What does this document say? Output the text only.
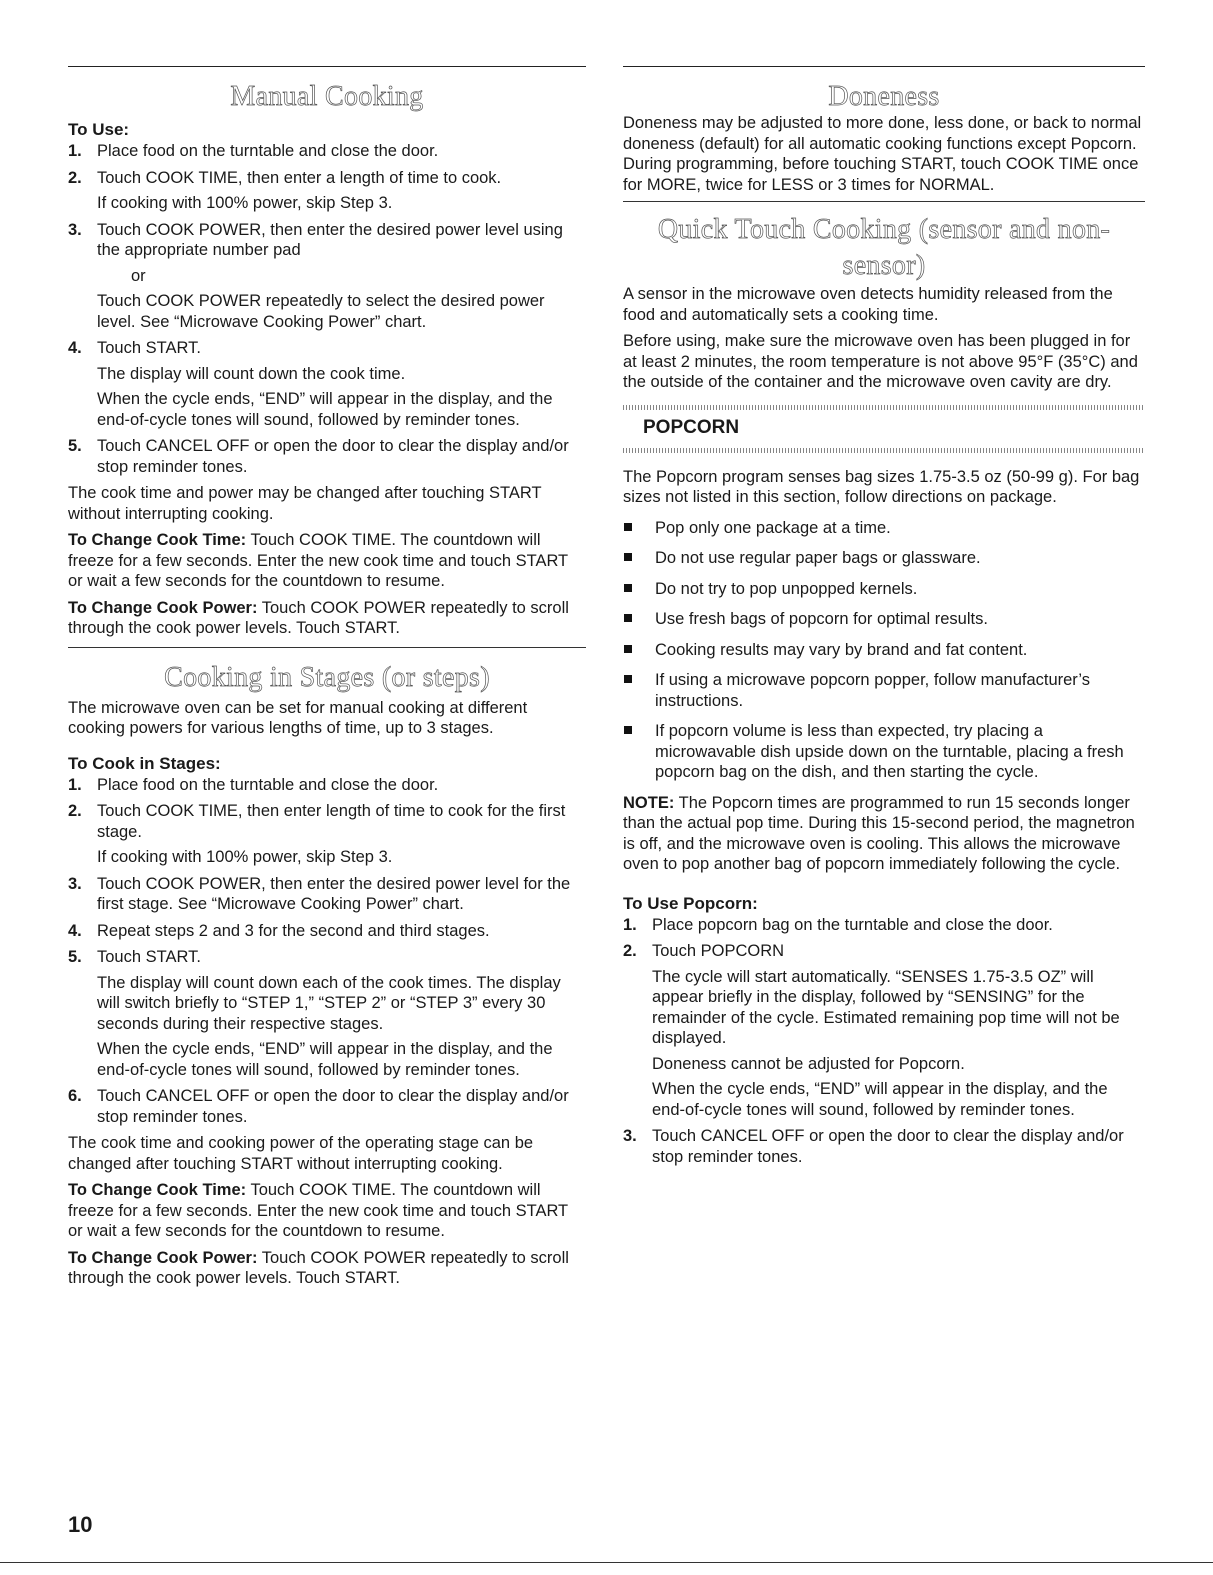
Manual Cooking
To Use:
1. Place food on the turntable and close the door.

2. Touch COOK TIME, then enter a length of time to cook.

If cooking with 100% power, skip Step 3.

3. Touch COOK POWER, then enter the desired power level using the appropriate number pad

or

Touch COOK POWER repeatedly to select the desired power level. See “Microwave Cooking Power” chart.

4. Touch START.

The display will count down the cook time.

When the cycle ends, “END” will appear in the display, and the end-of-cycle tones will sound, followed by reminder tones.

5. Touch CANCEL OFF or open the door to clear the display and/or stop reminder tones.

The cook time and power may be changed after touching START without interrupting cooking.

To Change Cook Time: Touch COOK TIME. The countdown will freeze for a few seconds. Enter the new cook time and touch START or wait a few seconds for the countdown to resume.

To Change Cook Power: Touch COOK POWER repeatedly to scroll through the cook power levels. Touch START.

Cooking in Stages (or steps)

The microwave oven can be set for manual cooking at different cooking powers for various lengths of time, up to 3 stages.

To Cook in Stages:
1. Place food on the turntable and close the door.

2. Touch COOK TIME, then enter length of time to cook for the first stage.

If cooking with 100% power, skip Step 3.

3. Touch COOK POWER, then enter the desired power level for the first stage. See “Microwave Cooking Power” chart.

4. Repeat steps 2 and 3 for the second and third stages.

5. Touch START.

The display will count down each of the cook times. The display will switch briefly to “STEP 1,” “STEP 2” or “STEP 3” every 30 seconds during their respective stages.

When the cycle ends, “END” will appear in the display, and the end-of-cycle tones will sound, followed by reminder tones.

6. Touch CANCEL OFF or open the door to clear the display and/or stop reminder tones.

The cook time and cooking power of the operating stage can be changed after touching START without interrupting cooking.

To Change Cook Time: Touch COOK TIME. The countdown will freeze for a few seconds. Enter the new cook time and touch START or wait a few seconds for the countdown to resume.

To Change Cook Power: Touch COOK POWER repeatedly to scroll through the cook power levels. Touch START.

Doneness

Doneness may be adjusted to more done, less done, or back to normal doneness (default) for all automatic cooking functions except Popcorn. During programming, before touching START, touch COOK TIME once for MORE, twice for LESS or 3 times for NORMAL.

Quick Touch Cooking (sensor and non-sensor)

A sensor in the microwave oven detects humidity released from the food and automatically sets a cooking time.

Before using, make sure the microwave oven has been plugged in for at least 2 minutes, the room temperature is not above 95°F (35°C) and the outside of the container and the microwave oven cavity are dry.

POPCORN

The Popcorn program senses bag sizes 1.75-3.5 oz (50-99 g). For bag sizes not listed in this section, follow directions on package.

Pop only one package at a time.
Do not use regular paper bags or glassware.
Do not try to pop unpopped kernels.
Use fresh bags of popcorn for optimal results.
Cooking results may vary by brand and fat content.
If using a microwave popcorn popper, follow manufacturer’s instructions.
If popcorn volume is less than expected, try placing a microwavable dish upside down on the turntable, placing a fresh popcorn bag on the dish, and then starting the cycle.

NOTE: The Popcorn times are programmed to run 15 seconds longer than the actual pop time. During this 15-second period, the magnetron is off, and the microwave oven is cooling. This allows the microwave oven to pop another bag of popcorn immediately following the cycle.

To Use Popcorn:
1. Place popcorn bag on the turntable and close the door.

2. Touch POPCORN

The cycle will start automatically. “SENSES 1.75-3.5 OZ” will appear briefly in the display, followed by “SENSING” for the remainder of the cycle. Estimated remaining pop time will not be displayed.

Doneness cannot be adjusted for Popcorn.

When the cycle ends, “END” will appear in the display, and the end-of-cycle tones will sound, followed by reminder tones.

3. Touch CANCEL OFF or open the door to clear the display and/or stop reminder tones.

10
